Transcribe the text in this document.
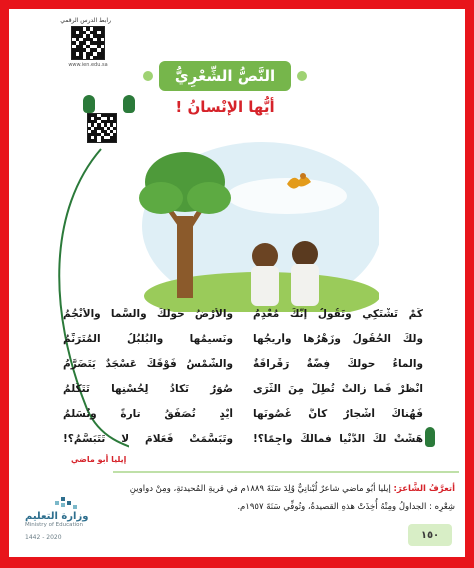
رابط الدرس الرقمي
www.ien.edu.sa
النَّصُّ الشِّعْرِيُّ
أيُّها الإنْسانُ !
كَمْ تَشْتَكِي وتَقُولُ إِنَّكَ مُعْدِمُ
والأرْضُ حولَكَ والسَّما والأنْجُمُ
ولَكَ الحُقُولُ وزَهْرُها وأرِيجُها
ونَسيمُها والبُلْبُلُ المُتَرَنِّمُ
والماءُ حولكَ فِضَّةٌ رَقْراقَةٌ
والشَّمْسُ فَوْقَكَ عَسْجَدٌ يَتَضَرَّمُ
انْظُرْ فَما زالَتْ تُطِلُّ مِنَ الثَّرَى
صُوَرٌ تَكادُ لِحُسْنِها تَتَكَلَّمُ
فَهُناكَ أشْجارٌ كأنَّ غُصُونَها
أيْدٍ تُصَفِّقُ تارةً وتُسَلِّمُ
هَشِّتْ لكَ الدُّنْيا فمالَكَ واجِمًا؟!
وتَبَسَّمَتْ فَعَلامَ لا تَتَبَسَّمُ؟!
إيليا أبو ماضي
أتعرَّفُ الشَّاعرَ: إيليا أبُو ماضي شاعرٌ لُبْنانِيٌّ وُلِدَ سَنَةَ ١٨٨٩م في قريةِ المُحيدثةِ، ومِنْ دواوينِ
شِعْرِه : الجداولُ ومِنْهُ أُخِذَتْ هذهِ القصيدةُ، وتُوفِّي سَنَةَ ١٩٥٧م.
وزارة التعليم
Ministry of Education
2020 - 1442	١٥٠
